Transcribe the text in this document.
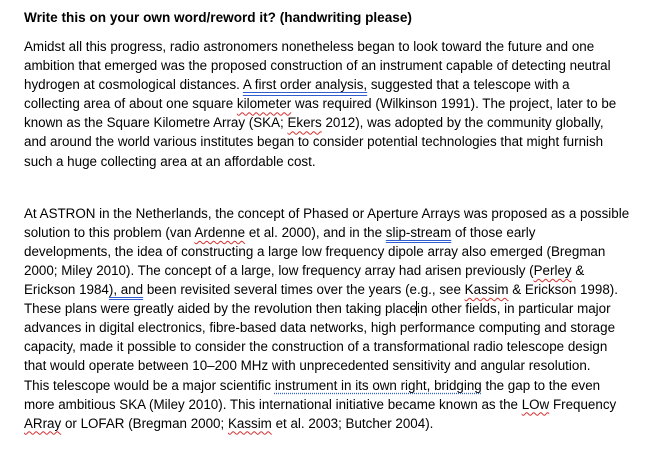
Write this on your own word/reword it? (handwriting please)
Amidst all this progress, radio astronomers nonetheless began to look toward the future and one
ambition that emerged was the proposed construction of an instrument capable of detecting neutral
hydrogen at cosmological distances. A first order analysis, suggested that a telescope with a
collecting area of about one square kilometer was required (Wilkinson 1991). The project, later to be
known as the Square Kilometre Array (SKA; Ekers 2012), was adopted by the community globally,
and around the world various institutes began to consider potential technologies that might furnish
such a huge collecting area at an affordable cost.
At ASTRON in the Netherlands, the concept of Phased or Aperture Arrays was proposed as a possible
solution to this problem (van Ardenne et al. 2000), and in the slip-stream of those early
developments, the idea of constructing a large low frequency dipole array also emerged (Bregman
2000; Miley 2010). The concept of a large, low frequency array had arisen previously (Perley &
Erickson 1984), and been revisited several times over the years (e.g., see Kassim & Erickson 1998).
These plans were greatly aided by the revolution then taking placein other fields, in particular major
advances in digital electronics, fibre-based data networks, high performance computing and storage
capacity, made it possible to consider the construction of a transformational radio telescope design
that would operate between 10–200 MHz with unprecedented sensitivity and angular resolution.
This telescope would be a major scientific instrument in its own right, bridging the gap to the even
more ambitious SKA (Miley 2010). This international initiative became known as the LOw Frequency
ARray or LOFAR (Bregman 2000; Kassim et al. 2003; Butcher 2004).
